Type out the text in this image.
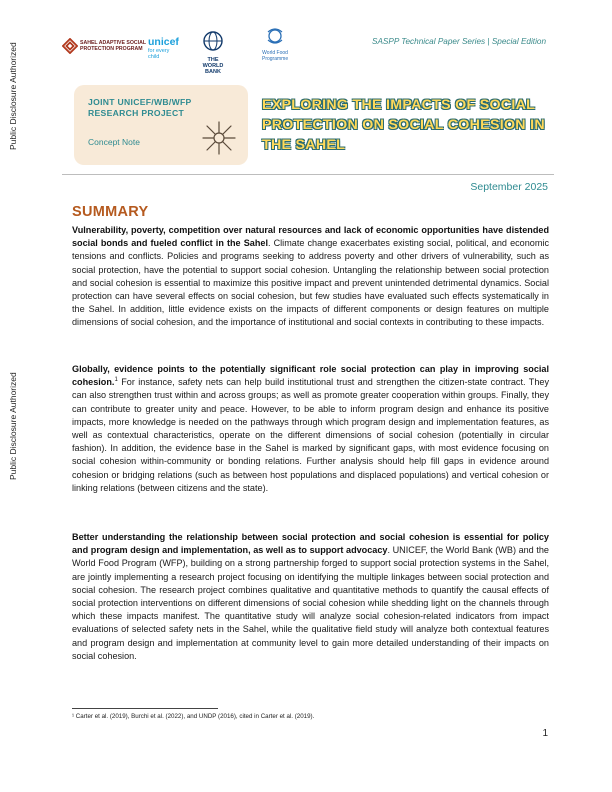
Public Disclosure Authorized
Public Disclosure Authorized
SAHEL ADAPTIVE SOCIAL PROTECTION PROGRAM
unicef
for every child	THE WORLD BANK
World Food Programme
SASPP Technical Paper Series | Special Edition
JOINT UNICEF/WB/WFP RESEARCH PROJECT
Concept Note
EXPLORING THE IMPACTS OF SOCIAL PROTECTION ON SOCIAL COHESION IN THE SAHEL
September 2025
SUMMARY
Vulnerability, poverty, competition over natural resources and lack of economic opportunities have distended social bonds and fueled conflict in the Sahel. Climate change exacerbates existing social, political, and economic tensions and conflicts. Policies and programs seeking to address poverty and other drivers of vulnerability, such as social protection, have the potential to support social cohesion. Untangling the relationship between social protection and social cohesion is essential to maximize this positive impact and prevent unintended detrimental dynamics. Social protection can have several effects on social cohesion, but few studies have evaluated such effects systematically in the Sahel. In addition, little evidence exists on the impacts of different components or design features on multiple dimensions of social cohesion, and the importance of institutional and social contexts in contributing to these impacts.
Globally, evidence points to the potentially significant role social protection can play in improving social cohesion.$^1$ For instance, safety nets can help build institutional trust and strengthen the citizen-state contract. They can also strengthen trust within and across groups; as well as promote greater cooperation within groups. Finally, they can contribute to greater unity and peace. However, to be able to inform program design and enhance its positive impacts, more knowledge is needed on the pathways through which program design and implementation features, as well as contextual characteristics, operate on the different dimensions of social cohesion (potentially in circular fashion). In addition, the evidence base in the Sahel is marked by significant gaps, with most evidence focusing on social cohesion within-community or bonding relations. Further analysis should help fill gaps in evidence around cohesion or bridging relations (such as between host populations and displaced populations) and vertical cohesion or linking relations (between citizens and the state).
Better understanding the relationship between social protection and social cohesion is essential for policy and program design and implementation, as well as to support advocacy. UNICEF, the World Bank (WB) and the World Food Program (WFP), building on a strong partnership forged to support social protection systems in the Sahel, are jointly implementing a research project focusing on identifying the multiple linkages between social protection and social cohesion. The research project combines qualitative and quantitative methods to quantify the causal effects of social protection interventions on different dimensions of social cohesion while shedding light on the channels through which these impacts manifest. The quantitative study will analyze social cohesion-related indicators from impact evaluations of selected safety nets in the Sahel, while the qualitative field study will analyze both contextual features and program design and implementation at community level to gain more detailed understanding of their impacts on social cohesion.
¹ Carter et al. (2019), Burchi et al. (2022), and UNDP (2016), cited in Carter et al. (2019).
1
